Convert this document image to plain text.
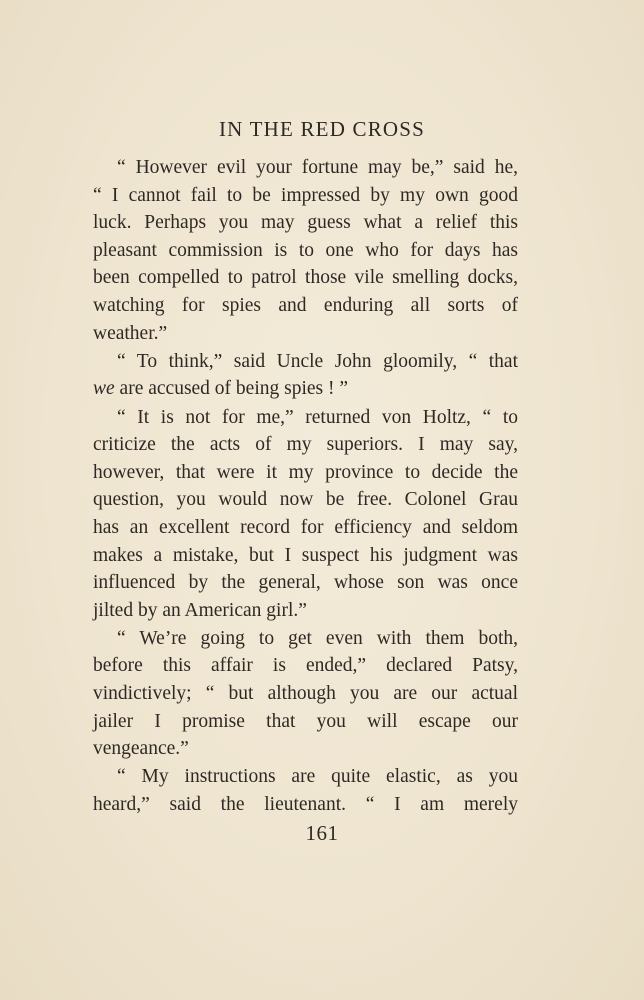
IN THE RED CROSS
“ However evil your fortune may be,” said he,
“ I cannot fail to be impressed by my own good
luck. Perhaps you may guess what a relief this
pleasant commission is to one who for days has
been compelled to patrol those vile smelling docks,
watching for spies and enduring all sorts of
weather.”
“ To think,” said Uncle John gloomily, “ that
we are accused of being spies ! ”
“ It is not for me,” returned von Holtz, “ to
criticize the acts of my superiors. I may say,
however, that were it my province to decide the
question, you would now be free. Colonel Grau
has an excellent record for efficiency and seldom
makes a mistake, but I suspect his judgment was
influenced by the general, whose son was once
jilted by an American girl.”
“ We’re going to get even with them both,
before this affair is ended,” declared Patsy,
vindictively; “ but although you are our actual
jailer I promise that you will escape our
vengeance.”
“ My instructions are quite elastic, as you
heard,” said the lieutenant. “ I am merely
161
